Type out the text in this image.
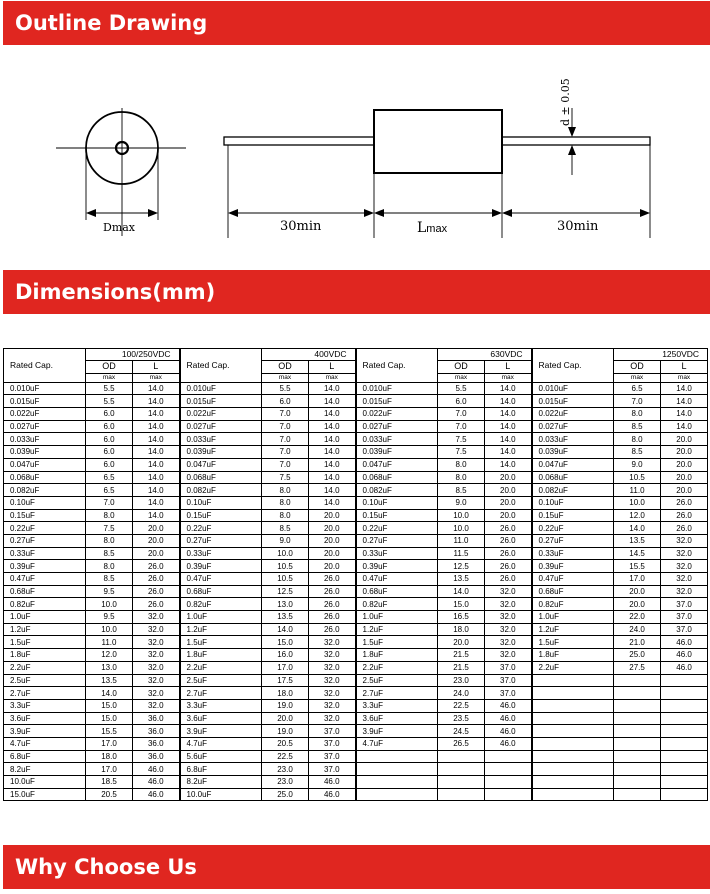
Outline Drawing
Dmax	30min	Lmax	30min
d ± 0.05
Dimensions(mm)
Rated Cap.	100/250VDC		Rated Cap.	400VDC		Rated Cap.	630VDC		Rated Cap.	1250VDC	
	OD	L		OD	L		OD	L		OD	L
	max	max		max	max		max	max		max	max
0.010uF	5.5	14.0	0.010uF	5.5	14.0	0.010uF	5.5	14.0	0.010uF	6.5	14.0
0.015uF	5.5	14.0	0.015uF	6.0	14.0	0.015uF	6.0	14.0	0.015uF	7.0	14.0
0.022uF	6.0	14.0	0.022uF	7.0	14.0	0.022uF	7.0	14.0	0.022uF	8.0	14.0
0.027uF	6.0	14.0	0.027uF	7.0	14.0	0.027uF	7.0	14.0	0.027uF	8.5	14.0
0.033uF	6.0	14.0	0.033uF	7.0	14.0	0.033uF	7.5	14.0	0.033uF	8.0	20.0
0.039uF	6.0	14.0	0.039uF	7.0	14.0	0.039uF	7.5	14.0	0.039uF	8.5	20.0
0.047uF	6.0	14.0	0.047uF	7.0	14.0	0.047uF	8.0	14.0	0.047uF	9.0	20.0
0.068uF	6.5	14.0	0.068uF	7.5	14.0	0.068uF	8.0	20.0	0.068uF	10.5	20.0
0.082uF	6.5	14.0	0.082uF	8.0	14.0	0.082uF	8.5	20.0	0.082uF	11.0	20.0
0.10uF	7.0	14.0	0.10uF	8.0	14.0	0.10uF	9.0	20.0	0.10uF	10.0	26.0
0.15uF	8.0	14.0	0.15uF	8.0	20.0	0.15uF	10.0	20.0	0.15uF	12.0	26.0
0.22uF	7.5	20.0	0.22uF	8.5	20.0	0.22uF	10.0	26.0	0.22uF	14.0	26.0
0.27uF	8.0	20.0	0.27uF	9.0	20.0	0.27uF	11.0	26.0	0.27uF	13.5	32.0
0.33uF	8.5	20.0	0.33uF	10.0	20.0	0.33uF	11.5	26.0	0.33uF	14.5	32.0
0.39uF	8.0	26.0	0.39uF	10.5	20.0	0.39uF	12.5	26.0	0.39uF	15.5	32.0
0.47uF	8.5	26.0	0.47uF	10.5	26.0	0.47uF	13.5	26.0	0.47uF	17.0	32.0
0.68uF	9.5	26.0	0.68uF	12.5	26.0	0.68uF	14.0	32.0	0.68uF	20.0	32.0
0.82uF	10.0	26.0	0.82uF	13.0	26.0	0.82uF	15.0	32.0	0.82uF	20.0	37.0
1.0uF	9.5	32.0	1.0uF	13.5	26.0	1.0uF	16.5	32.0	1.0uF	22.0	37.0
1.2uF	10.0	32.0	1.2uF	14.0	26.0	1.2uF	18.0	32.0	1.2uF	24.0	37.0
1.5uF	11.0	32.0	1.5uF	15.0	32.0	1.5uF	20.0	32.0	1.5uF	21.0	46.0
1.8uF	12.0	32.0	1.8uF	16.0	32.0	1.8uF	21.5	32.0	1.8uF	25.0	46.0
2.2uF	13.0	32.0	2.2uF	17.0	32.0	2.2uF	21.5	37.0	2.2uF	27.5	46.0
2.5uF	13.5	32.0	2.5uF	17.5	32.0	2.5uF	23.0	37.0			
2.7uF	14.0	32.0	2.7uF	18.0	32.0	2.7uF	24.0	37.0			
3.3uF	15.0	32.0	3.3uF	19.0	32.0	3.3uF	22.5	46.0			
3.6uF	15.0	36.0	3.6uF	20.0	32.0	3.6uF	23.5	46.0			
3.9uF	15.5	36.0	3.9uF	19.0	37.0	3.9uF	24.5	46.0			
4.7uF	17.0	36.0	4.7uF	20.5	37.0	4.7uF	26.5	46.0			
6.8uF	18.0	36.0	5.6uF	22.5	37.0						
8.2uF	17.0	46.0	6.8uF	23.0	37.0						
10.0uF	18.5	46.0	8.2uF	23.0	46.0						
15.0uF	20.5	46.0	10.0uF	25.0	46.0						
Why Choose Us
